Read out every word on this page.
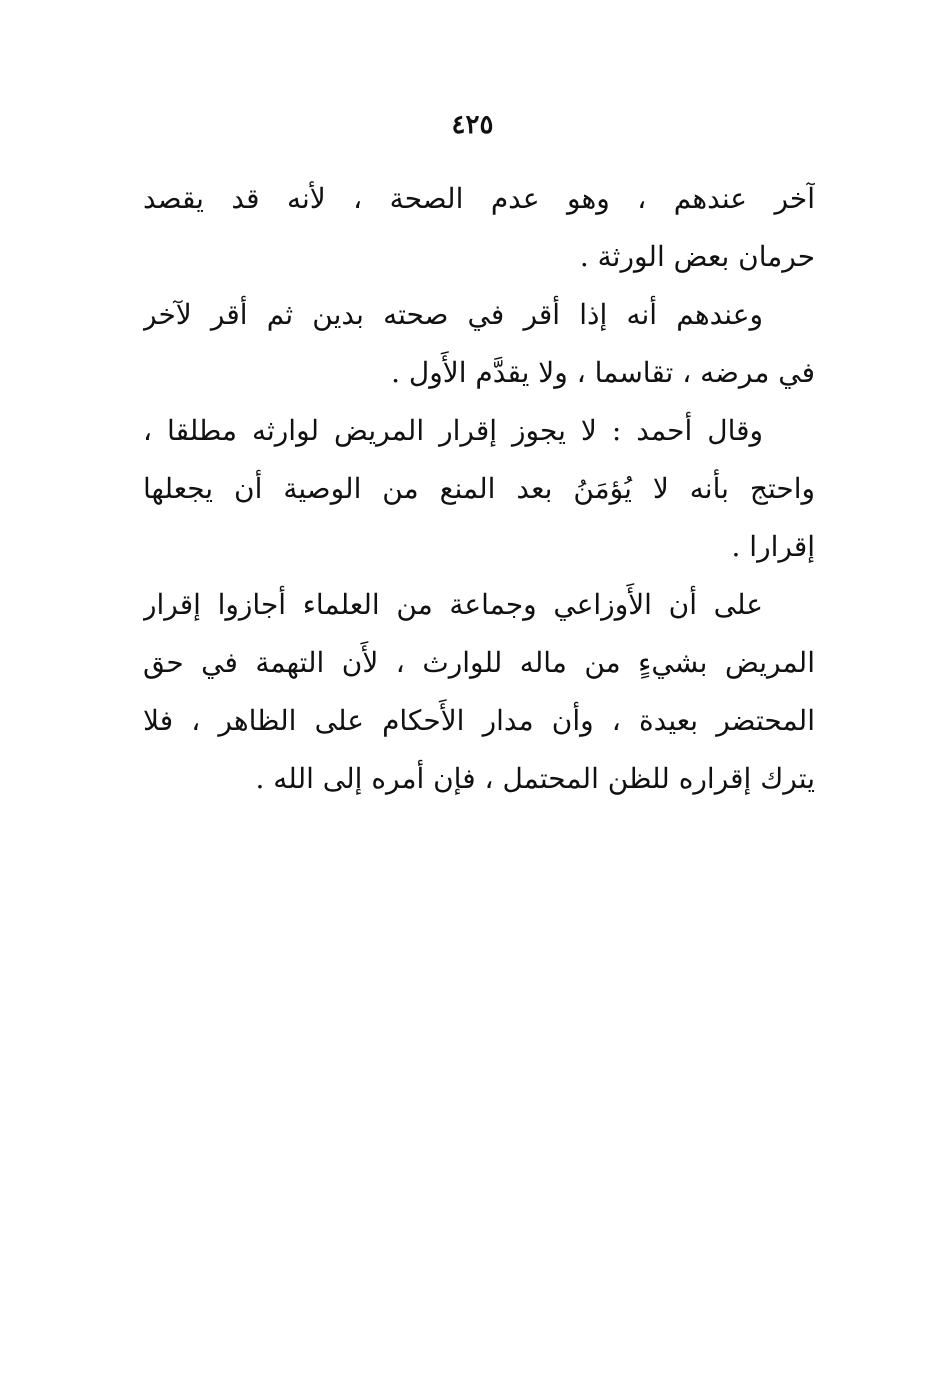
٤٢٥
آخر عندهم ، وهو عدم الصحة ، لأنه قد يقصد
حرمان بعض الورثة .
وعندهم أنه إذا أقر في صحته بدين ثم أقر لآخر
في مرضه ، تقاسما ، ولا يقدَّم الأَول .
وقال أحمد : لا يجوز إقرار المريض لوارثه مطلقا ،
واحتج بأنه لا يُؤمَنُ بعد المنع من الوصية أن يجعلها
إقرارا .
على أن الأَوزاعي وجماعة من العلماء أجازوا إقرار
المريض بشيءٍ من ماله للوارث ، لأَن التهمة في حق
المحتضر بعيدة ، وأن مدار الأَحكام على الظاهر ، فلا
يترك إقراره للظن المحتمل ، فإن أمره إلى الله .
